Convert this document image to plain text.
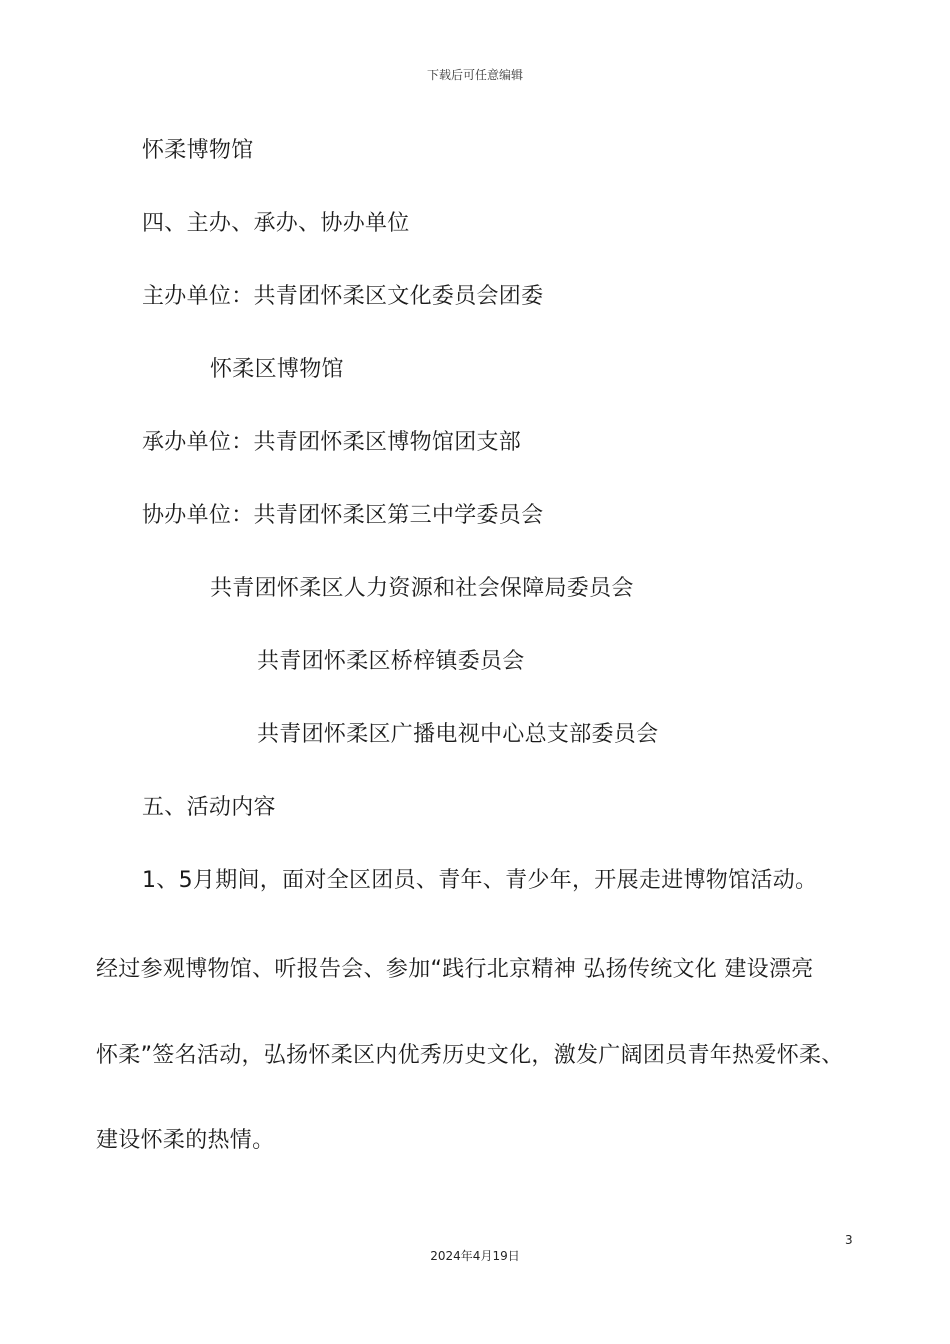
下载后可任意编辑
怀柔博物馆
四、主办、承办、协办单位
主办单位：共青团怀柔区文化委员会团委
怀柔区博物馆
承办单位：共青团怀柔区博物馆团支部
协办单位：共青团怀柔区第三中学委员会
共青团怀柔区人力资源和社会保障局委员会
共青团怀柔区桥梓镇委员会
共青团怀柔区广播电视中心总支部委员会
五、活动内容
1、5月期间，面对全区团员、青年、青少年，开展走进博物馆活动。
经过参观博物馆、听报告会、参加“践行北京精神 弘扬传统文化 建设漂亮
怀柔”签名活动，弘扬怀柔区内优秀历史文化，激发广阔团员青年热爱怀柔、
建设怀柔的热情。
3
2024年4月19日
